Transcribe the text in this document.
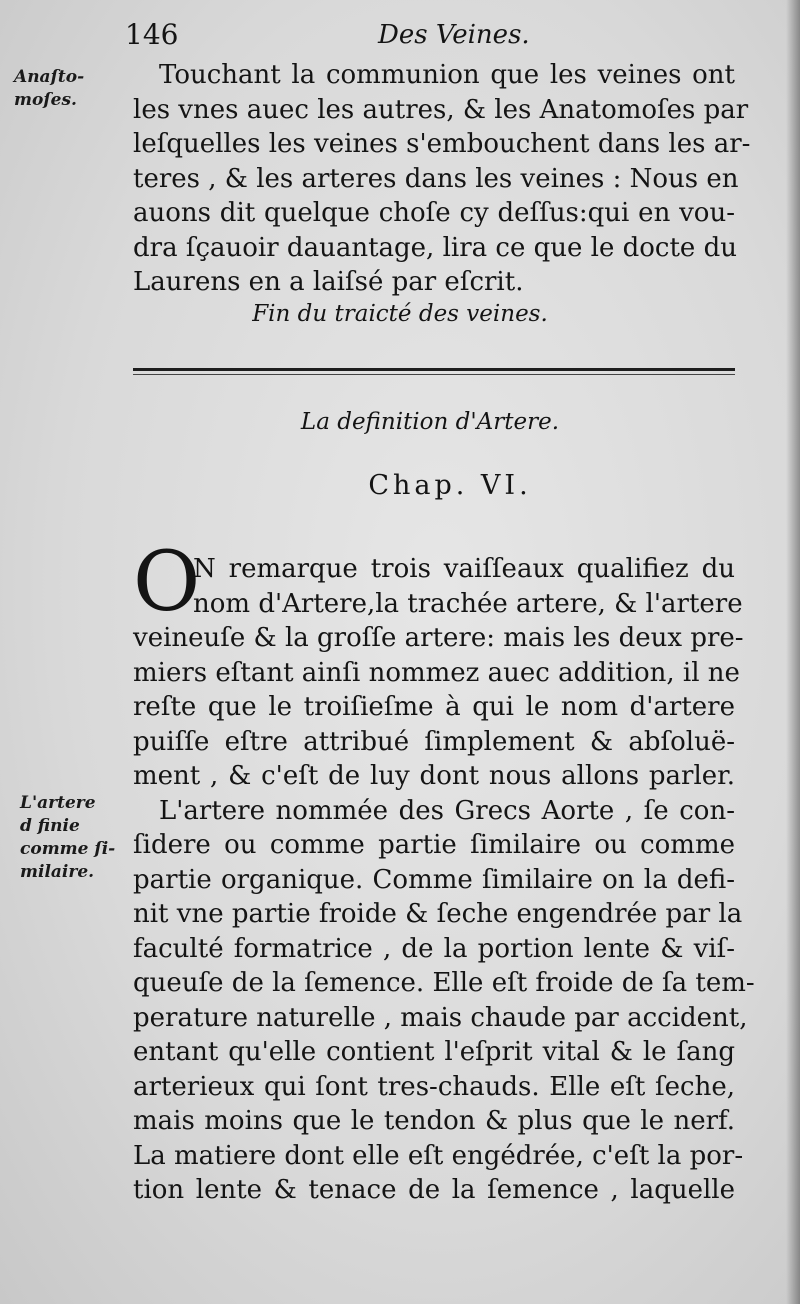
146	Des Veines.
Anaſto-
moſes.
Touchant la communion que les veines ont
les vnes auec les autres, & les Anatomoſes par
leſquelles les veines s'embouchent dans les ar-
teres , & les arteres dans les veines : Nous en
auons dit quelque choſe cy deſſus:qui en vou-
dra ſçauoir dauantage, lira ce que le docte du
Laurens en a laiſsé par eſcrit.
Fin du traicté des veines.
La definition d'Artere.
Chap. VI.
O
N remarque trois vaiſſeaux qualifiez du
nom d'Artere,la trachée artere, & l'artere
veineuſe & la groſſe artere: mais les deux pre-
miers eſtant ainſi nommez auec addition, il ne
reſte que le troiſieſme à qui le nom d'artere
puiſſe eſtre attribué ſimplement & abſoluë-
ment , & c'eſt de luy dont nous allons parler.
L'artere nommée des Grecs Aorte , ſe con-
ſidere ou comme partie ſimilaire ou comme
partie organique. Comme ſimilaire on la defi-
nit vne partie froide & ſeche engendrée par la
faculté formatrice , de la portion lente & viſ-
queuſe de la ſemence. Elle eſt froide de ſa tem-
perature naturelle , mais chaude par accident,
entant qu'elle contient l'eſprit vital & le ſang
arterieux qui ſont tres-chauds. Elle eſt ſeche,
mais moins que le tendon & plus que le nerf.
La matiere dont elle eſt engédrée, c'eſt la por-
tion lente & tenace de la ſemence , laquelle
L'artere
d finie
comme ſi-
milaire.
